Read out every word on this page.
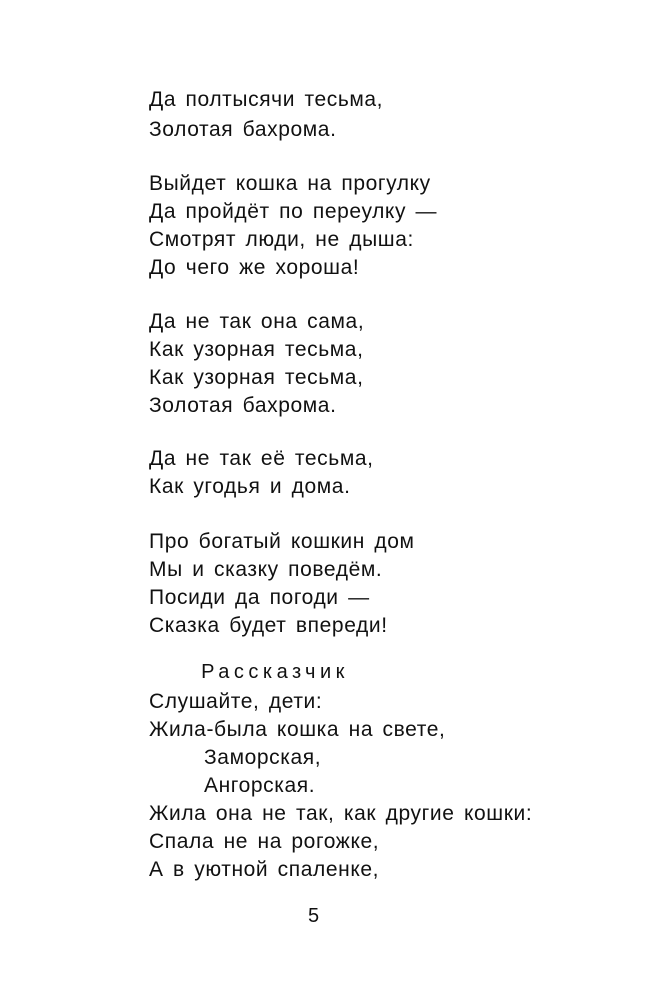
Да полтысячи тесьма,
Золотая бахрома.
Выйдет кошка на прогулку
Да пройдёт по переулку —
Смотрят люди, не дыша:
До чего же хороша!
Да не так она сама,
Как узорная тесьма,
Как узорная тесьма,
Золотая бахрома.
Да не так её тесьма,
Как угодья и дома.
Про богатый кошкин дом
Мы и сказку поведём.
Посиди да погоди —
Сказка будет впереди!
Рассказчик
Слушайте, дети:
Жила-была кошка на свете,
Заморская,
Ангорская.
Жила она не так, как другие кошки:
Спала не на рогожке,
А в уютной спаленке,
5
